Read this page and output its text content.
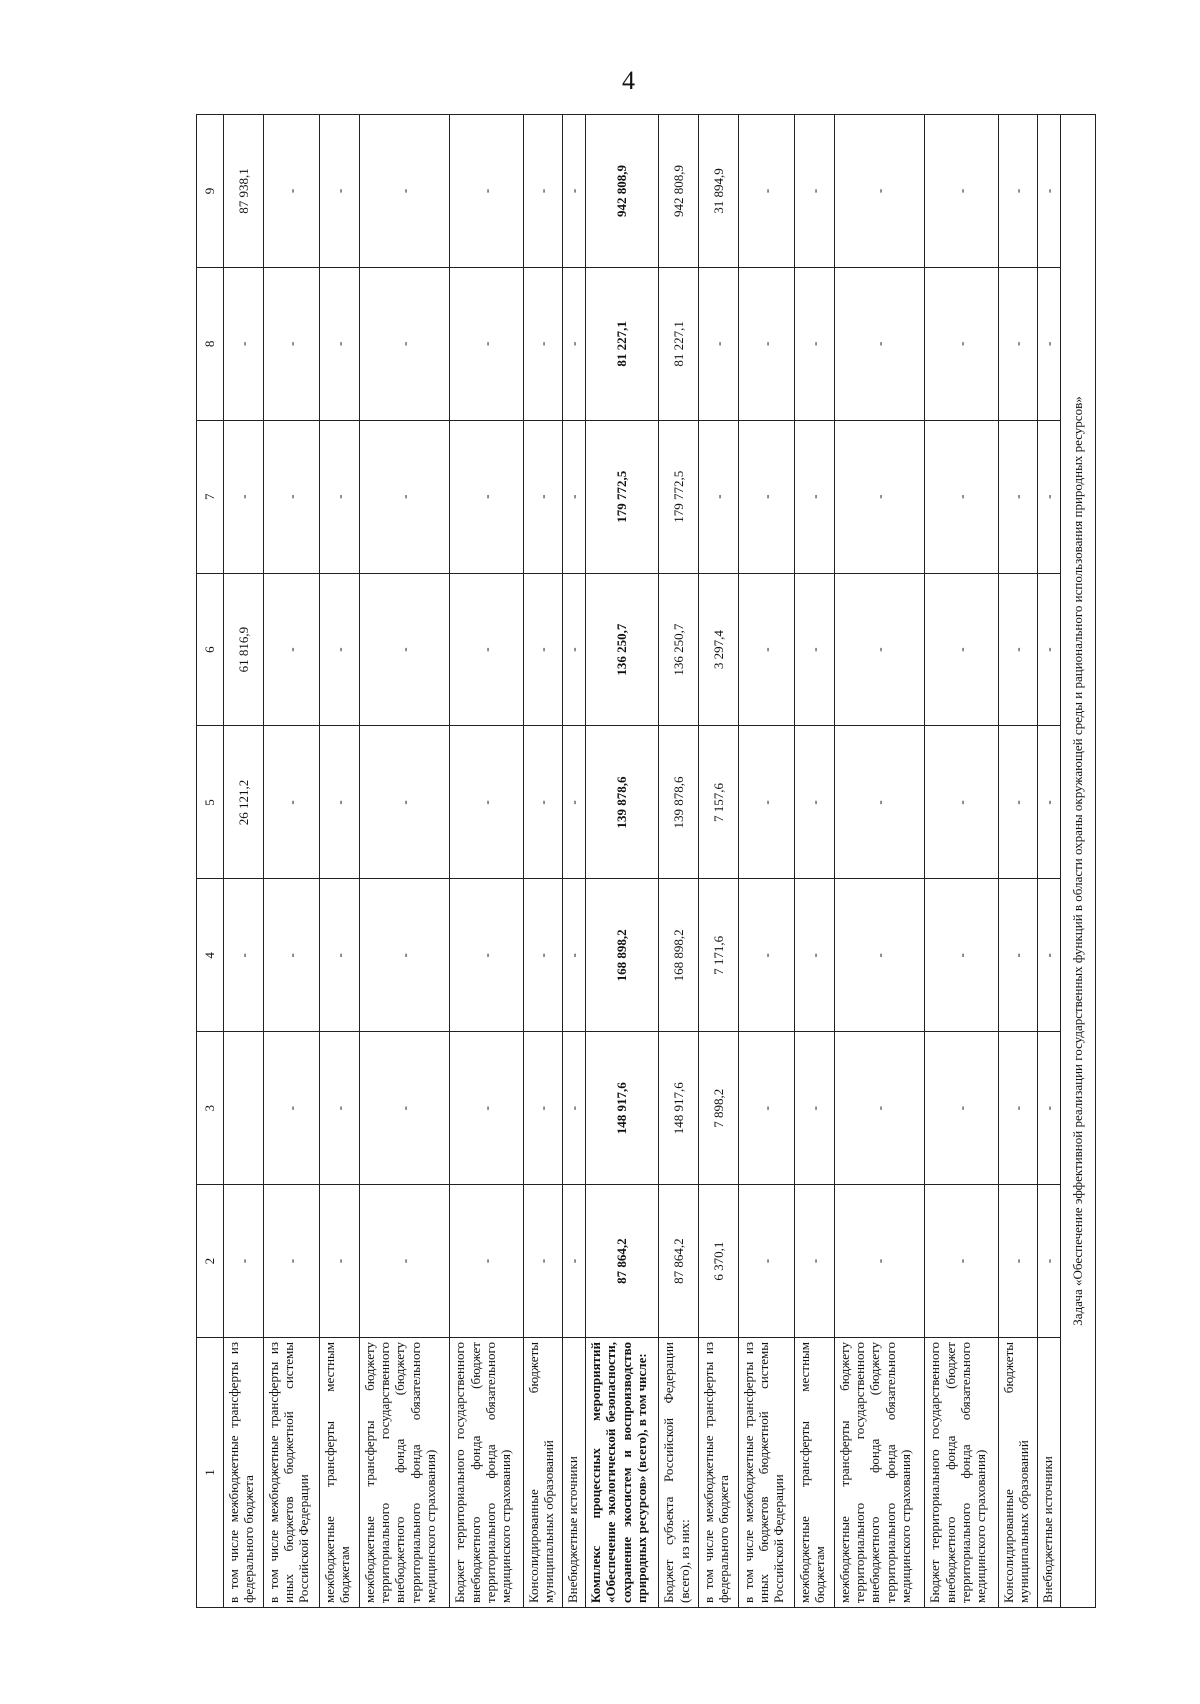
4
1	2	3	4	5	6	7	8	9
в том числе межбюджетные трансферты из федерального бюджета	-		-	26 121,2	61 816,9	-	-	87 938,1
в том числе межбюджетные трансферты из иных бюджетов бюджетной системы Российской Федерации	-	-	-	-	-	-	-	-
межбюджетные трансферты местным бюджетам	-	-	-	-	-	-	-	-
межбюджетные трансферты бюджету территориального государственного внебюджетного фонда (бюджету территориального фонда обязательного медицинского страхования)	-	-	-	-	-	-	-	-
Бюджет территориального государственного внебюджетного фонда (бюджет территориального фонда обязательного медицинского страхования)	-	-	-	-	-	-	-	-
Консолидированные бюджеты муниципальных образований	-	-	-	-	-	-	-	-
Внебюджетные источники	-	-	-	-	-	-	-	-
Комплекс процессных мероприятий «Обеспечение экологической безопасности, сохранение экосистем и воспроизводство природных ресурсов» (всего), в том числе:	87 864,2	148 917,6	168 898,2	139 878,6	136 250,7	179 772,5	81 227,1	942 808,9
Бюджет субъекта Российской Федерации (всего), из них:	87 864,2	148 917,6	168 898,2	139 878,6	136 250,7	179 772,5	81 227,1	942 808,9
в том числе межбюджетные трансферты из федерального бюджета	6 370,1	7 898,2	7 171,6	7 157,6	3 297,4	-	-	31 894,9
в том числе межбюджетные трансферты из иных бюджетов бюджетной системы Российской Федерации	-	-	-	-	-	-	-	-
межбюджетные трансферты местным бюджетам	-	-	-	-	-	-	-	-
межбюджетные трансферты бюджету территориального государственного внебюджетного фонда (бюджету территориального фонда обязательного медицинского страхования)	-	-	-	-	-	-	-	-
Бюджет территориального государственного внебюджетного фонда (бюджет территориального фонда обязательного медицинского страхования)	-	-	-	-	-	-	-	-
Консолидированные бюджеты муниципальных образований	-	-	-	-	-	-	-	-
Внебюджетные источники	-	-	-	-	-	-	-	-
Задача «Обеспечение эффективной реализации государственных функций в области охраны окружающей среды и рационального использования природных ресурсов»								
